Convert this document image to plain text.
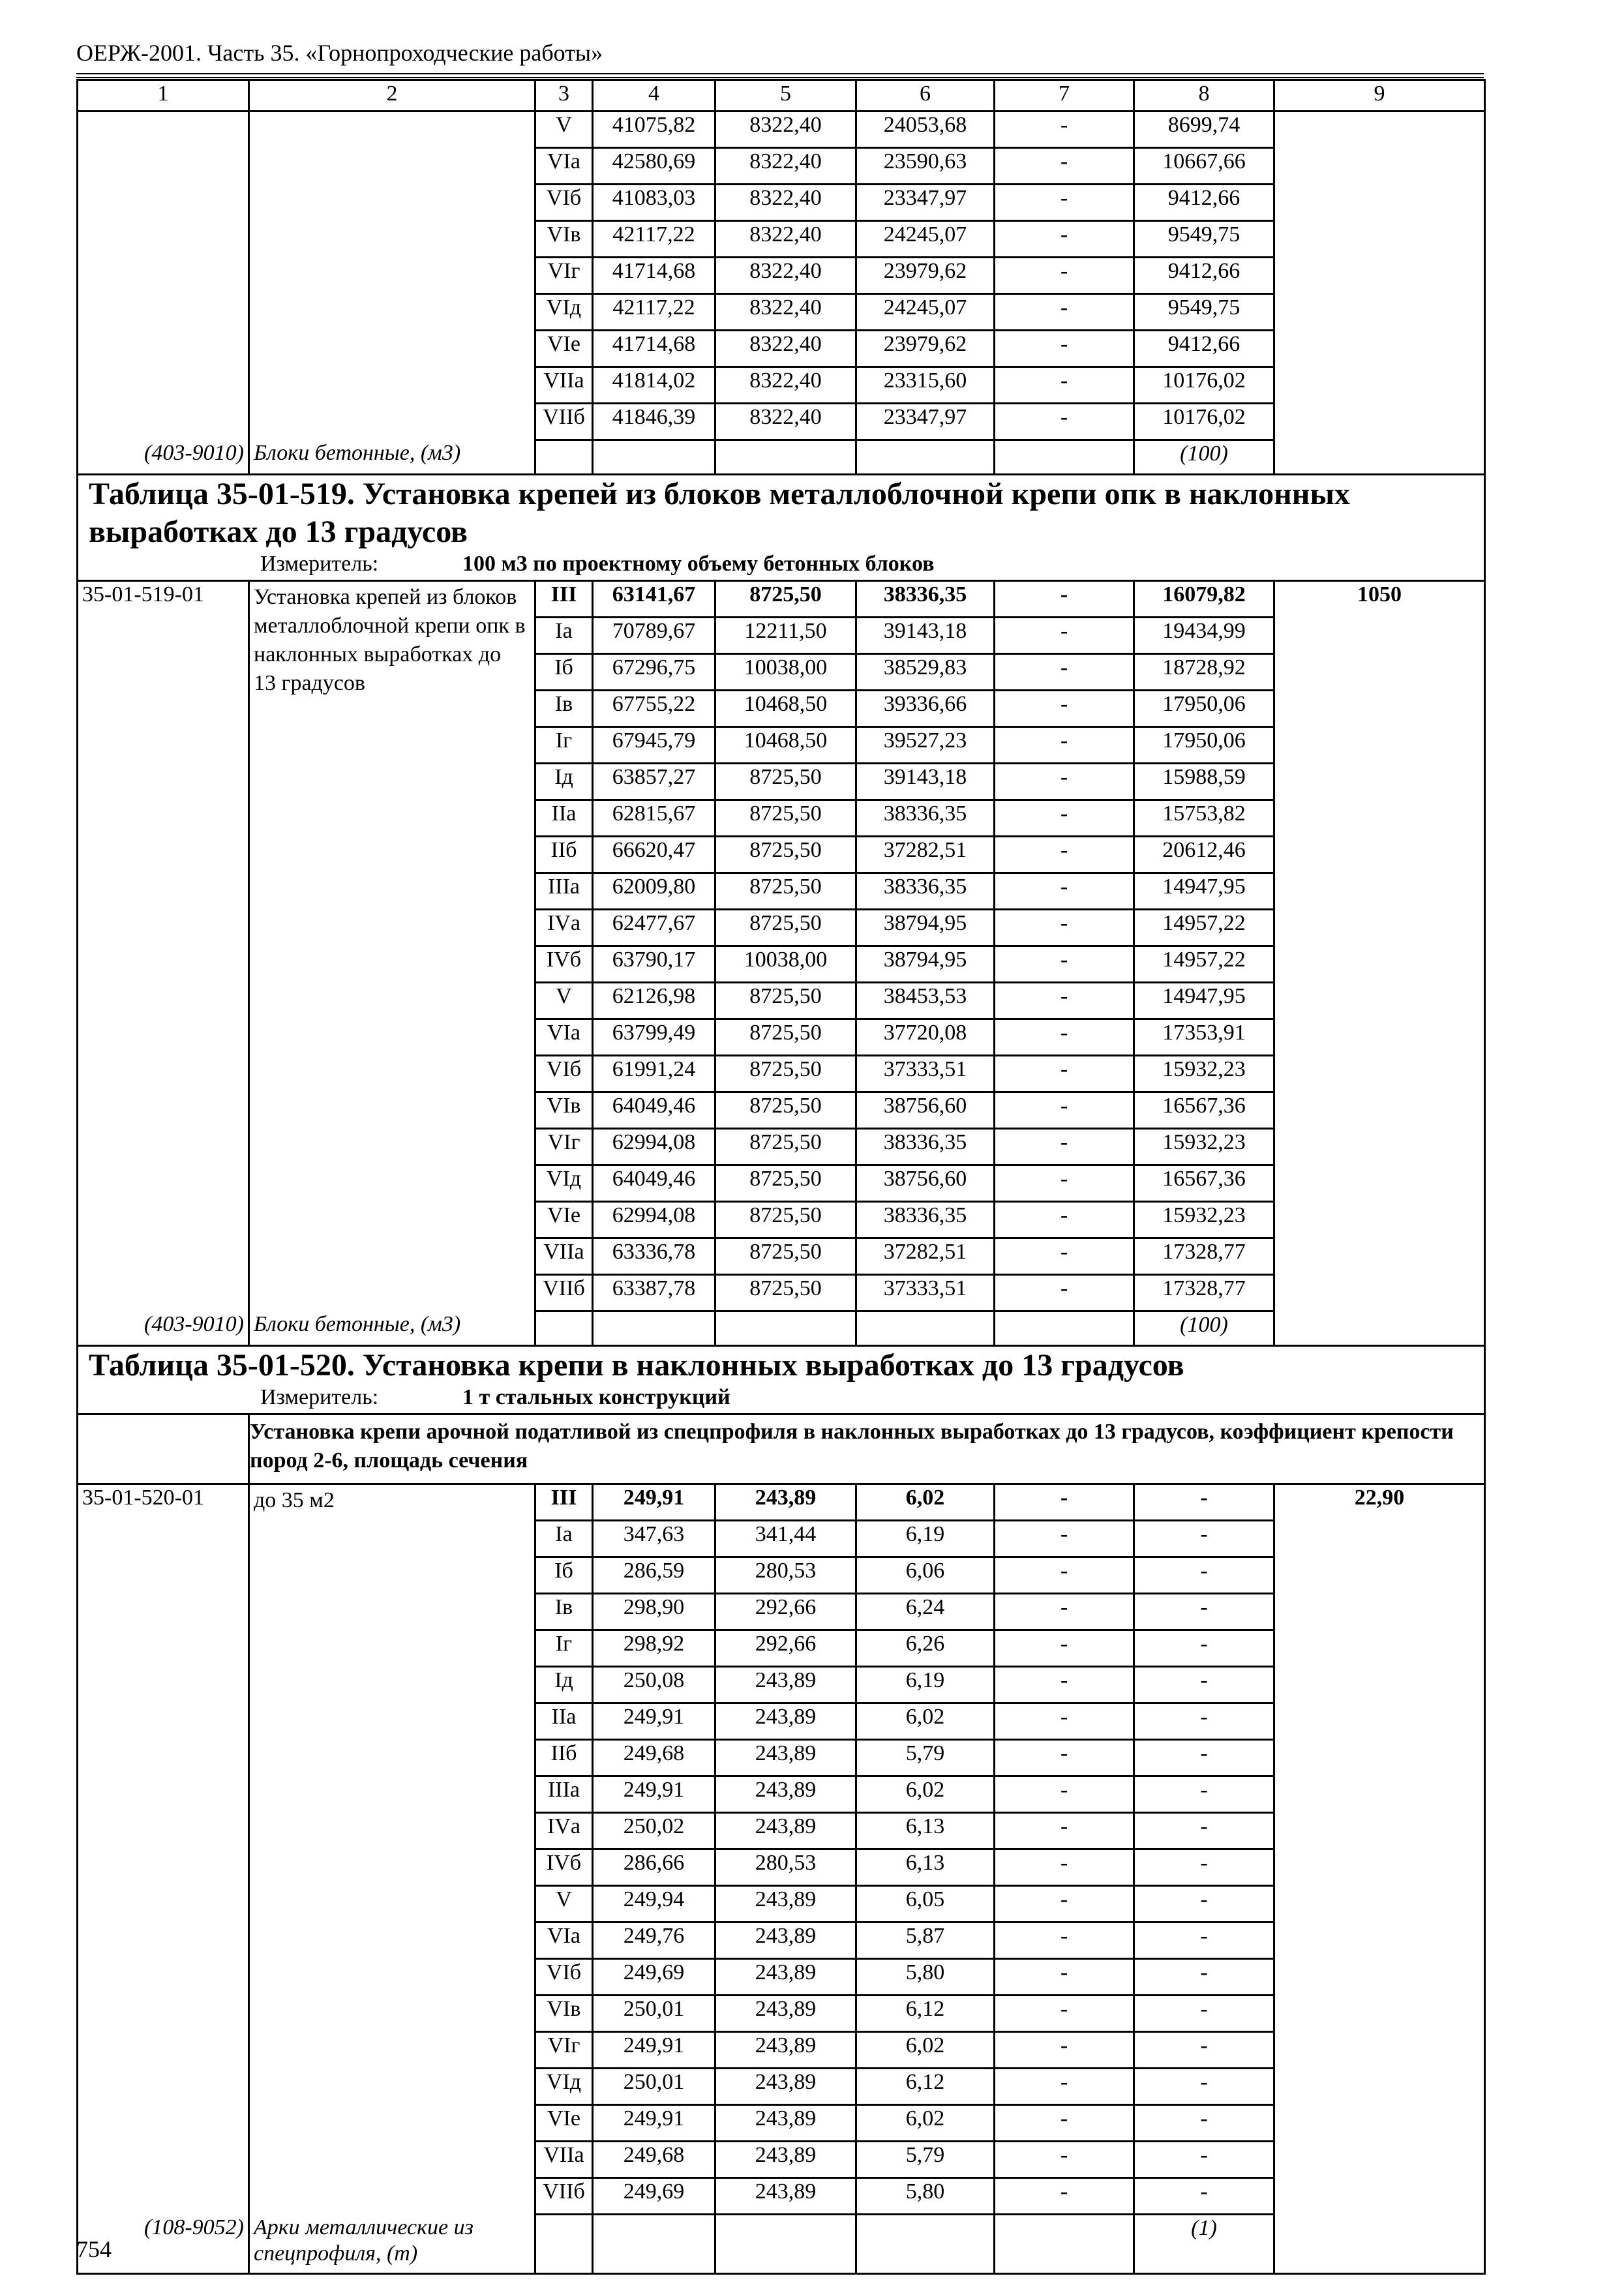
ОЕРЖ-2001. Часть 35. «Горнопроходческие работы»
1	2	3	4	5	6	7	8	9
		V	41075,82	8322,40	24053,68	-	8699,74	
		VIа	42580,69	8322,40	23590,63	-	10667,66	
		VIб	41083,03	8322,40	23347,97	-	9412,66	
		VIв	42117,22	8322,40	24245,07	-	9549,75	
		VIг	41714,68	8322,40	23979,62	-	9412,66	
		VIд	42117,22	8322,40	24245,07	-	9549,75	
		VIе	41714,68	8322,40	23979,62	-	9412,66	
		VIIа	41814,02	8322,40	23315,60	-	10176,02	
		VIIб	41846,39	8322,40	23347,97	-	10176,02	
(403-9010)	Блоки бетонные, (м3)						(100)	

Таблица 35-01-519. Установка крепей из блоков металлоблочной крепи опк в наклонных выработках до 13 градусов
Измеритель: 100 м3 по проектному объему бетонных блоков								

35-01-519-01	Установка крепей из блоков металлоблочной крепи опк в наклонных выработках до 13 градусов	III	63141,67	8725,50	38336,35	-	16079,82	1050
		Iа	70789,67	12211,50	39143,18	-	19434,99	
		Iб	67296,75	10038,00	38529,83	-	18728,92	
		Iв	67755,22	10468,50	39336,66	-	17950,06	
		Iг	67945,79	10468,50	39527,23	-	17950,06	
		Iд	63857,27	8725,50	39143,18	-	15988,59	
		IIа	62815,67	8725,50	38336,35	-	15753,82	
		IIб	66620,47	8725,50	37282,51	-	20612,46	
		IIIа	62009,80	8725,50	38336,35	-	14947,95	
		IVа	62477,67	8725,50	38794,95	-	14957,22	
		IVб	63790,17	10038,00	38794,95	-	14957,22	
		V	62126,98	8725,50	38453,53	-	14947,95	
		VIа	63799,49	8725,50	37720,08	-	17353,91	
		VIб	61991,24	8725,50	37333,51	-	15932,23	
		VIв	64049,46	8725,50	38756,60	-	16567,36	
		VIг	62994,08	8725,50	38336,35	-	15932,23	
		VIд	64049,46	8725,50	38756,60	-	16567,36	
		VIе	62994,08	8725,50	38336,35	-	15932,23	
		VIIа	63336,78	8725,50	37282,51	-	17328,77	
		VIIб	63387,78	8725,50	37333,51	-	17328,77	
(403-9010)	Блоки бетонные, (м3)						(100)	

Таблица 35-01-520. Установка крепи в наклонных выработках до 13 градусов
Измеритель: 1 т стальных конструкций								

	Установка крепи арочной податливой из спецпрофиля в наклонных выработках до 13 градусов, коэффициент крепости пород 2-6, площадь сечения							
35-01-520-01	до 35 м2	III	249,91	243,89	6,02	-	-	22,90
		Iа	347,63	341,44	6,19	-	-	
		Iб	286,59	280,53	6,06	-	-	
		Iв	298,90	292,66	6,24	-	-	
		Iг	298,92	292,66	6,26	-	-	
		Iд	250,08	243,89	6,19	-	-	
		IIа	249,91	243,89	6,02	-	-	
		IIб	249,68	243,89	5,79	-	-	
		IIIа	249,91	243,89	6,02	-	-	
		IVа	250,02	243,89	6,13	-	-	
		IVб	286,66	280,53	6,13	-	-	
		V	249,94	243,89	6,05	-	-	
		VIа	249,76	243,89	5,87	-	-	
		VIб	249,69	243,89	5,80	-	-	
		VIв	250,01	243,89	6,12	-	-	
		VIг	249,91	243,89	6,02	-	-	
		VIд	250,01	243,89	6,12	-	-	
		VIе	249,91	243,89	6,02	-	-	
		VIIа	249,68	243,89	5,79	-	-	
		VIIб	249,69	243,89	5,80	-	-	
(108-9052)	Арки металлические из спецпрофиля, (т)						(1)	
754
